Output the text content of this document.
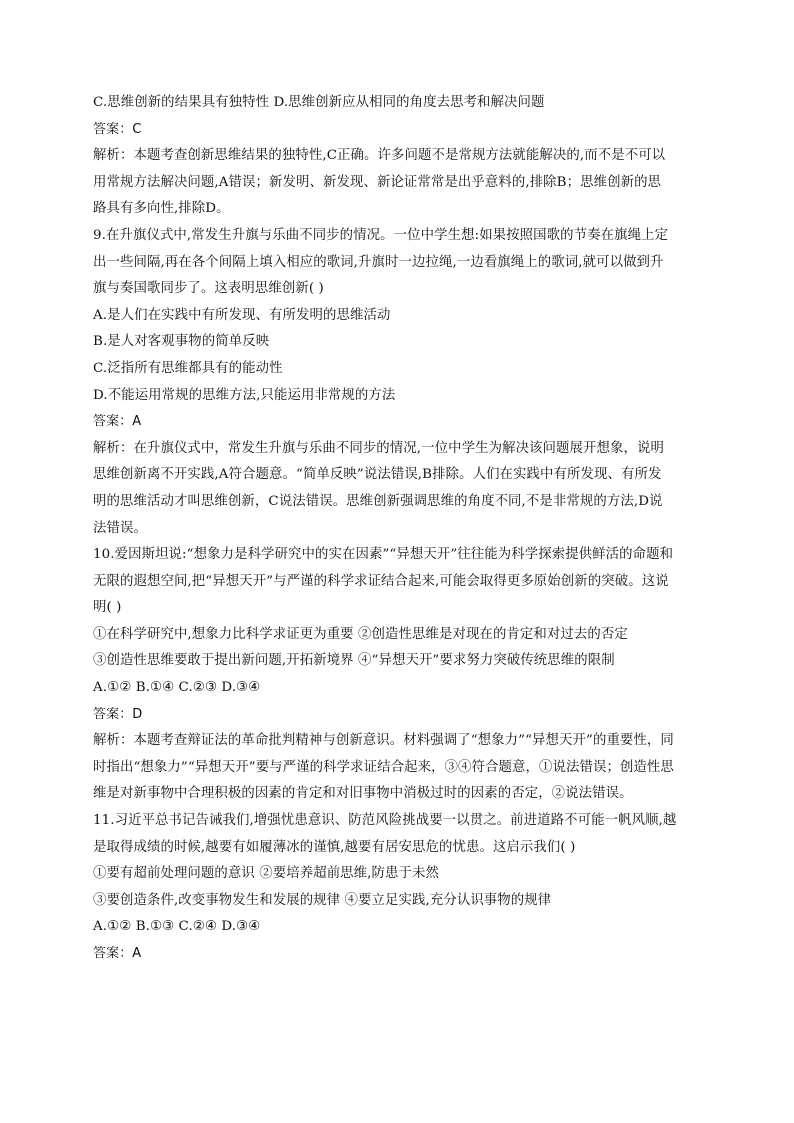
C.思维创新的结果具有独特性 D.思维创新应从相同的角度去思考和解决问题
答案：C
解析：本题考查创新思维结果的独特性,C正确。许多问题不是常规方法就能解决的,而不是不可以
用常规方法解决问题,A错误；新发明、新发现、新论证常常是出乎意料的,排除B；思维创新的思
路具有多向性,排除D。
9.在升旗仪式中,常发生升旗与乐曲不同步的情况。一位中学生想:如果按照国歌的节奏在旗绳上定
出一些间隔,再在各个间隔上填入相应的歌词,升旗时一边拉绳,一边看旗绳上的歌词,就可以做到升
旗与奏国歌同步了。这表明思维创新( )
A.是人们在实践中有所发现、有所发明的思维活动
B.是人对客观事物的简单反映
C.泛指所有思维都具有的能动性
D.不能运用常规的思维方法,只能运用非常规的方法
答案：A
解析：在升旗仪式中，常发生升旗与乐曲不同步的情况,一位中学生为解决该问题展开想象，说明
思维创新离不开实践,A符合题意。“简单反映”说法错误,B排除。人们在实践中有所发现、有所发
明的思维活动才叫思维创新，C说法错误。思维创新强调思维的角度不同,不是非常规的方法,D说
法错误。
10.爱因斯坦说:“想象力是科学研究中的实在因素”“异想天开”往往能为科学探索提供鲜活的命题和
无限的遐想空间,把“异想天开”与严谨的科学求证结合起来,可能会取得更多原始创新的突破。这说
明( )
①在科学研究中,想象力比科学求证更为重要 ②创造性思维是对现在的肯定和对过去的否定
③创造性思维要敢于提出新问题,开拓新境界 ④“异想天开”要求努力突破传统思维的限制
A.①② B.①④ C.②③ D.③④
答案：D
解析：本题考查辩证法的革命批判精神与创新意识。材料强调了“想象力”“异想天开”的重要性，同
时指出“想象力”“异想天开”要与严谨的科学求证结合起来，③④符合题意，①说法错误；创造性思
维是对新事物中合理积极的因素的肯定和对旧事物中消极过时的因素的否定，②说法错误。
11.习近平总书记告诫我们,增强忧患意识、防范风险挑战要一以贯之。前进道路不可能一帆风顺,越
是取得成绩的时候,越要有如履薄冰的谨慎,越要有居安思危的忧患。这启示我们( )
①要有超前处理问题的意识 ②要培养超前思维,防患于未然
③要创造条件,改变事物发生和发展的规律 ④要立足实践,充分认识事物的规律
A.①② B.①③ C.②④ D.③④
答案：A
